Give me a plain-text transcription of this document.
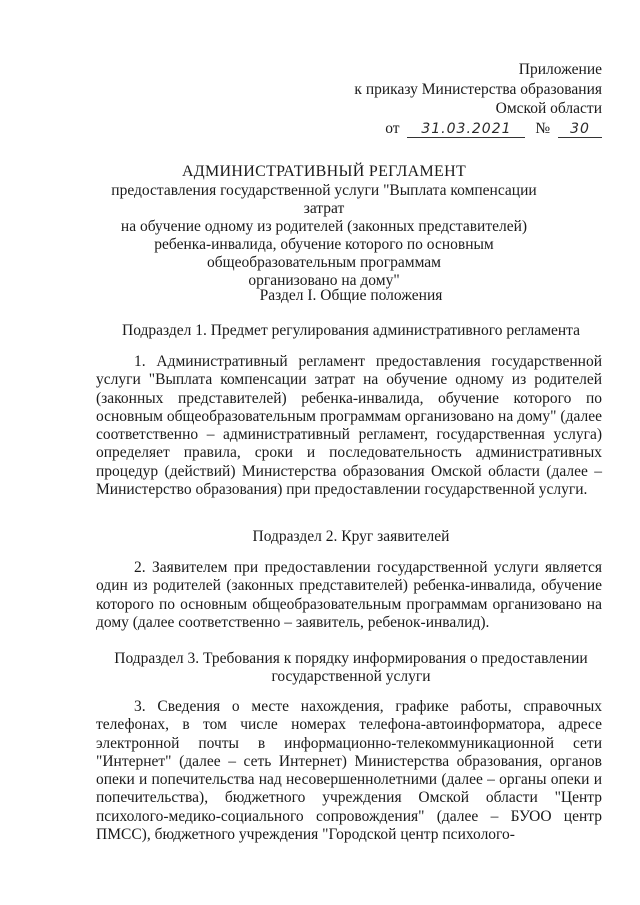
Приложение
к приказу Министерства образования
Омской области
от 31.03.2021 № 30
АДМИНИСТРАТИВНЫЙ РЕГЛАМЕНТ
предоставления государственной услуги "Выплата компенсации затрат
на обучение одному из родителей (законных представителей)
ребенка-инвалида, обучение которого по основным
общеобразовательным программам
организовано на дому"
Раздел I. Общие положения
Подраздел 1. Предмет регулирования административного регламента
1. Административный регламент предоставления государственной услуги "Выплата компенсации затрат на обучение одному из родителей (законных представителей) ребенка-инвалида, обучение которого по основным общеобразовательным программам организовано на дому" (далее соответственно – административный регламент, государственная услуга) определяет правила, сроки и последовательность административных процедур (действий) Министерства образования Омской области (далее – Министерство образования) при предоставлении государственной услуги.
Подраздел 2. Круг заявителей
2. Заявителем при предоставлении государственной услуги является один из родителей (законных представителей) ребенка-инвалида, обучение которого по основным общеобразовательным программам организовано на дому (далее соответственно – заявитель, ребенок-инвалид).
Подраздел 3. Требования к порядку информирования о предоставлении
государственной услуги
3. Сведения о месте нахождения, графике работы, справочных телефонах, в том числе номерах телефона-автоинформатора, адресе электронной почты в информационно-телекоммуникационной сети "Интернет" (далее – сеть Интернет) Министерства образования, органов опеки и попечительства над несовершеннолетними (далее – органы опеки и попечительства), бюджетного учреждения Омской области "Центр психолого-медико-социального сопровождения" (далее – БУОО центр ПМСС), бюджетного учреждения "Городской центр психолого-
